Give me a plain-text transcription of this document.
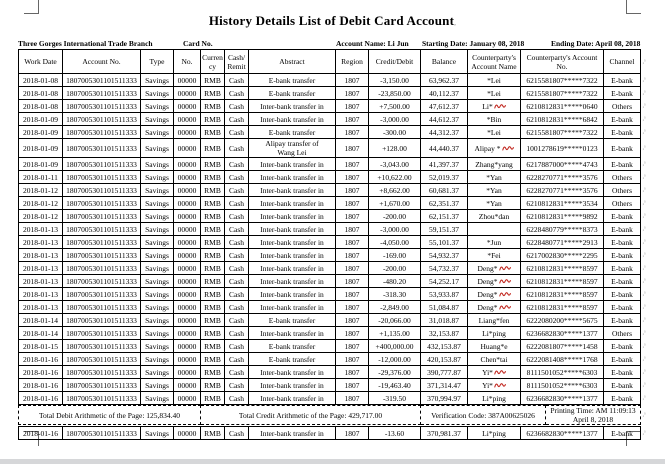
History Details List of Debit Card Account,
Three Gorges International Trade Branch	Card No.	Account Name: Li Jun Starting Date: January 08, 2018	Ending Date: April 08, 2018
Work Date	Account No.	Type	No.	Currency	Cash/Remit	Abstract	Region	Credit/Debit	Balance	Counterparty's Account Name	Counterparty's Account No.	Channel
2018-01-08	1807005301101511333	Savings	00000	RMB	Cash	E-bank transfer	1807	-3,150.00	63,962.37	*Lei	6215581807*****7322	E-bank
2018-01-08	1807005301101511333	Savings	00000	RMB	Cash	E-bank transfer	1807	-23,850.00	40,112.37	*Lei	6215581807*****7322	E-bank
2018-01-08	1807005301101511333	Savings	00000	RMB	Cash	Inter-bank transfer in	1807	+7,500.00	47,612.37	Li*	6210812831*****0640	Others
2018-01-09	1807005301101511333	Savings	00000	RMB	Cash	Inter-bank transfer in	1807	-3,000.00	44,612.37	*Bin	6210812831*****6842	E-bank
2018-01-09	1807005301101511333	Savings	00000	RMB	Cash	E-bank transfer	1807	-300.00	44,312.37	*Lei	6215581807*****7322	E-bank
2018-01-09	1807005301101511333	Savings	00000	RMB	Cash	Alipay transfer of
Wang Lei	1807	+128.00	44,440.37	Alipay *	1001278619*****0123	E-bank
2018-01-09	1807005301101511333	Savings	00000	RMB	Cash	Inter-bank transfer in	1807	-3,043.00	41,397.37	Zhang*yang	6217887000*****4743	E-bank
2018-01-11	1807005301101511333	Savings	00000	RMB	Cash	Inter-bank transfer in	1807	+10,622.00	52,019.37	*Yan	6228270771*****3576	Others
2018-01-12	1807005301101511333	Savings	00000	RMB	Cash	Inter-bank transfer in	1807	+8,662.00	60,681.37	*Yan	6228270771*****3576	Others
2018-01-12	1807005301101511333	Savings	00000	RMB	Cash	Inter-bank transfer in	1807	+1,670.00	62,351.37	*Yan	6210812831*****3534	Others
2018-01-12	1807005301101511333	Savings	00000	RMB	Cash	Inter-bank transfer in	1807	-200.00	62,151.37	Zhou*dan	6210812831*****9892	E-bank
2018-01-13	1807005301101511333	Savings	00000	RMB	Cash	Inter-bank transfer in	1807	-3,000.00	59,151.37		6228480779*****8373	E-bank
2018-01-13	1807005301101511333	Savings	00000	RMB	Cash	Inter-bank transfer in	1807	-4,050.00	55,101.37	*Jun	6228480771*****2913	E-bank
2018-01-13	1807005301101511333	Savings	00000	RMB	Cash	Inter-bank transfer in	1807	-169.00	54,932.37	*Fei	6217002830*****2295	E-bank
2018-01-13	1807005301101511333	Savings	00000	RMB	Cash	Inter-bank transfer in	1807	-200.00	54,732.37	Deng*	6210812831*****8597	E-bank
2018-01-13	1807005301101511333	Savings	00000	RMB	Cash	Inter-bank transfer in	1807	-480.20	54,252.17	Deng*	6210812831*****8597	E-bank
2018-01-13	1807005301101511333	Savings	00000	RMB	Cash	Inter-bank transfer in	1807	-318.30	53,933.87	Deng*	6210812831*****8597	E-bank
2018-01-13	1807005301101511333	Savings	00000	RMB	Cash	Inter-bank transfer in	1807	-2,849.00	51,084.87	Deng*	6210812831*****8597	E-bank
2018-01-14	1807005301101511333	Savings	00000	RMB	Cash	E-bank transfer	1807	-20,066.00	31,018.87	Liang*fen	6222080200*****5675	E-bank
2018-01-14	1807005301101511333	Savings	00000	RMB	Cash	Inter-bank transfer in	1807	+1,135.00	32,153.87	Li*ping	6236682830*****1377	Others
2018-01-15	1807005301101511333	Savings	00000	RMB	Cash	E-bank transfer	1807	+400,000.00	432,153.87	Huang*e	6222081807*****1458	E-bank
2018-01-16	1807005301101511333	Savings	00000	RMB	Cash	E-bank transfer	1807	-12,000.00	420,153.87	Chen*tai	6222081408*****1768	E-bank
2018-01-16	1807005301101511333	Savings	00000	RMB	Cash	Inter-bank transfer in	1807	-29,376.00	390,777.87	Yi*	8111501052*****6303	E-bank
2018-01-16	1807005301101511333	Savings	00000	RMB	Cash	Inter-bank transfer in	1807	-19,463.40	371,314.47	Yi*	8111501052*****6303	E-bank
2018-01-16	1807005301101511333	Savings	00000	RMB	Cash	Inter-bank transfer in	1807	-319.50	370,994.97	Li*ping	6236682830*****1377	E-bank
Total Debit Arithmetic of the Page: 125,834.40	Total Credit Arithmetic of the Page: 429,717.00	Verification Code: 387A00625026	Printing Time: AM 11:09:13 April 8, 2018
2018-01-16	1807005301101511333	Savings	00000	RMB	Cash	Inter-bank transfer in	1807	-13.60	370,981.37	Li*ping	6236682830*****1377	E-bank
,ᵌ
,ᵌ
,ᵌ
,ᵌ
,ᵌ
,ᵌ
,ᵌ
,ᵌ
,ᵌ
,ᵌ
,ᵌ
,ᵌ
,ᵌ
,ᵌ
,ᵌ
,ᵌ
,ᵌ
,ᵌ
,ᵌ
,ᵌ
,ᵌ
,ᵌ
,ᵌ
,ᵌ
,ᵌ
,ᵌ
,ᵌ
,ᵌ
